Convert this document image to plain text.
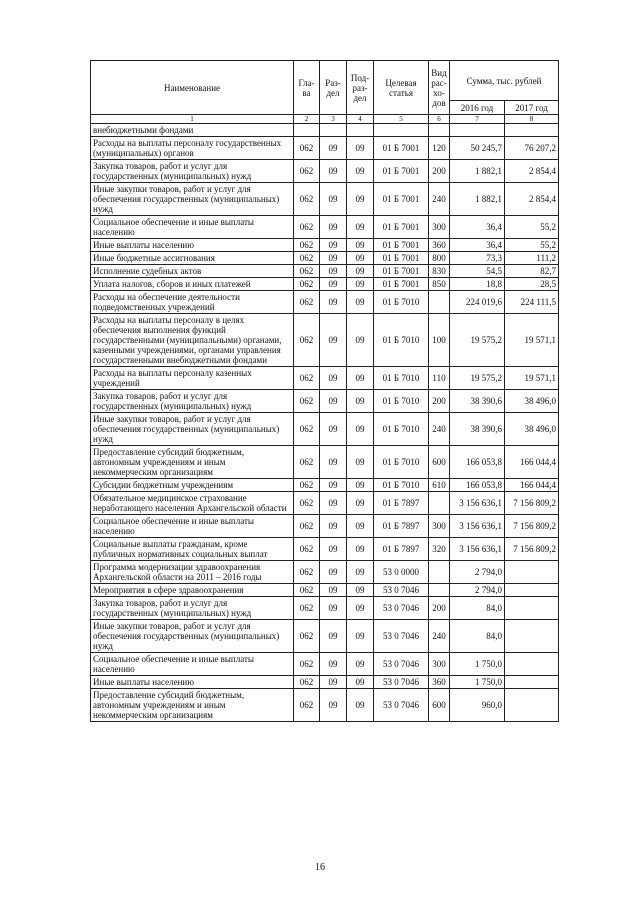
Наименование	Гла-ва	Раз-дел	Под-раз-дел	Целевая статья	Вид рас-хо-дов	Сумма, тыс. рублей	
						2016 год	2017 год
1	2	3	4	5	6	7	8
внебюджетными фондами							
Расходы на выплаты персоналу государственных (муниципальных) органов	062	09	09	01 Б 7001	120	50 245,7	76 207,2
Закупка товаров, работ и услуг для государственных (муниципальных) нужд	062	09	09	01 Б 7001	200	1 882,1	2 854,4
Иные закупки товаров, работ и услуг для обеспечения государственных (муниципальных) нужд	062	09	09	01 Б 7001	240	1 882,1	2 854,4
Социальное обеспечение и иные выплаты населению	062	09	09	01 Б 7001	300	36,4	55,2
Иные выплаты населению	062	09	09	01 Б 7001	360	36,4	55,2
Иные бюджетные ассигнования	062	09	09	01 Б 7001	800	73,3	111,2
Исполнение судебных актов	062	09	09	01 Б 7001	830	54,5	82,7
Уплата налогов, сборов и иных платежей	062	09	09	01 Б 7001	850	18,8	28,5
Расходы на обеспечение деятельности подведомственных учреждений	062	09	09	01 Б 7010		224 019,6	224 111,5
Расходы на выплаты персоналу в целях обеспечения выполнения функций государственными (муниципальными) органами, казенными учреждениями, органами управления государственными внебюджетными фондами	062	09	09	01 Б 7010	100	19 575,2	19 571,1
Расходы на выплаты персоналу казенных учреждений	062	09	09	01 Б 7010	110	19 575,2	19 571,1
Закупка товаров, работ и услуг для государственных (муниципальных) нужд	062	09	09	01 Б 7010	200	38 390,6	38 496,0
Иные закупки товаров, работ и услуг для обеспечения государственных (муниципальных) нужд	062	09	09	01 Б 7010	240	38 390,6	38 496,0
Предоставление субсидий бюджетным, автономным учреждениям и иным некоммерческим организациям	062	09	09	01 Б 7010	600	166 053,8	166 044,4
Субсидии бюджетным учреждениям	062	09	09	01 Б 7010	610	166 053,8	166 044,4
Обязательное медицинское страхование неработающего населения Архангельской области	062	09	09	01 Б 7897		3 156 636,1	7 156 809,2
Социальное обеспечение и иные выплаты населению	062	09	09	01 Б 7897	300	3 156 636,1	7 156 809,2
Социальные выплаты гражданам, кроме публичных нормативных социальных выплат	062	09	09	01 Б 7897	320	3 156 636,1	7 156 809,2
Программа модернизации здравоохранения Архангельской области на 2011 – 2016 годы	062	09	09	53 0 0000		2 794,0	
Мероприятия в сфере здравоохранения	062	09	09	53 0 7046		2 794,0	
Закупка товаров, работ и услуг для государственных (муниципальных) нужд	062	09	09	53 0 7046	200	84,0	
Иные закупки товаров, работ и услуг для обеспечения государственных (муниципальных) нужд	062	09	09	53 0 7046	240	84,0	
Социальное обеспечение и иные выплаты населению	062	09	09	53 0 7046	300	1 750,0	
Иные выплаты населению	062	09	09	53 0 7046	360	1 750,0	
Предоставление субсидий бюджетным, автономным учреждениям и иным некоммерческим организациям	062	09	09	53 0 7046	600	960,0	
16
